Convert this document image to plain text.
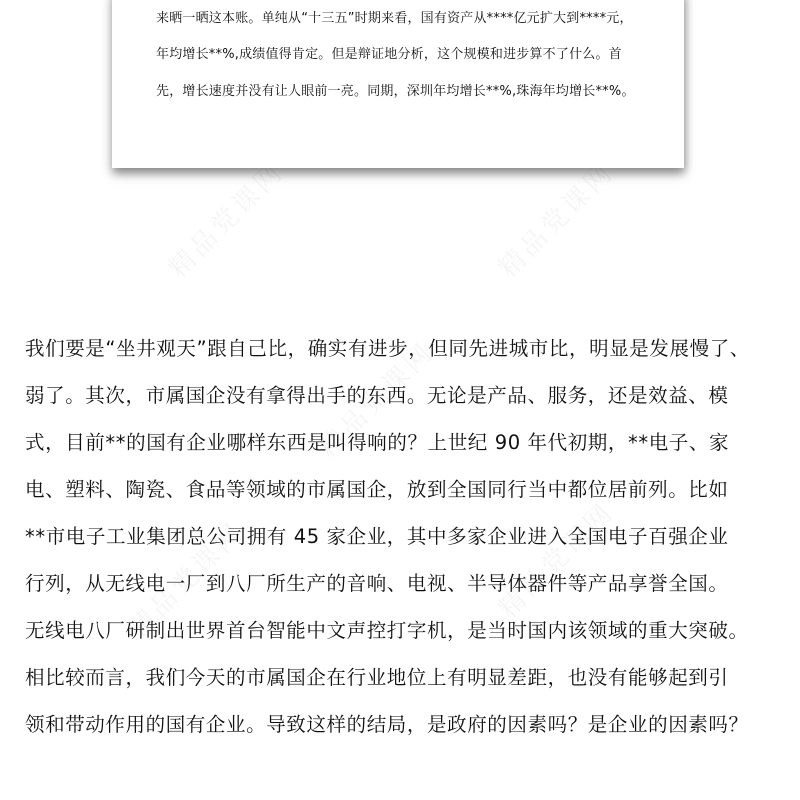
来晒一晒这本账。单纯从“十三五”时期来看，国有资产从****亿元扩大到****元，
年均增长**%,成绩值得肯定。但是辩证地分析，这个规模和进步算不了什么。首
先，增长速度并没有让人眼前一亮。同期，深圳年均增长**%,珠海年均增长**%。
我们要是“坐井观天”跟自己比，确实有进步，但同先进城市比，明显是发展慢了、
弱了。其次，市属国企没有拿得出手的东西。无论是产品、服务，还是效益、模
式，目前**的国有企业哪样东西是叫得响的？上世纪 90 年代初期，**电子、家
电、塑料、陶瓷、食品等领域的市属国企，放到全国同行当中都位居前列。比如
**市电子工业集团总公司拥有 45 家企业，其中多家企业进入全国电子百强企业
行列，从无线电一厂到八厂所生产的音响、电视、半导体器件等产品享誉全国。
无线电八厂研制出世界首台智能中文声控打字机，是当时国内该领域的重大突破。
相比较而言，我们今天的市属国企在行业地位上有明显差距，也没有能够起到引
领和带动作用的国有企业。导致这样的结局，是政府的因素吗？是企业的因素吗？
